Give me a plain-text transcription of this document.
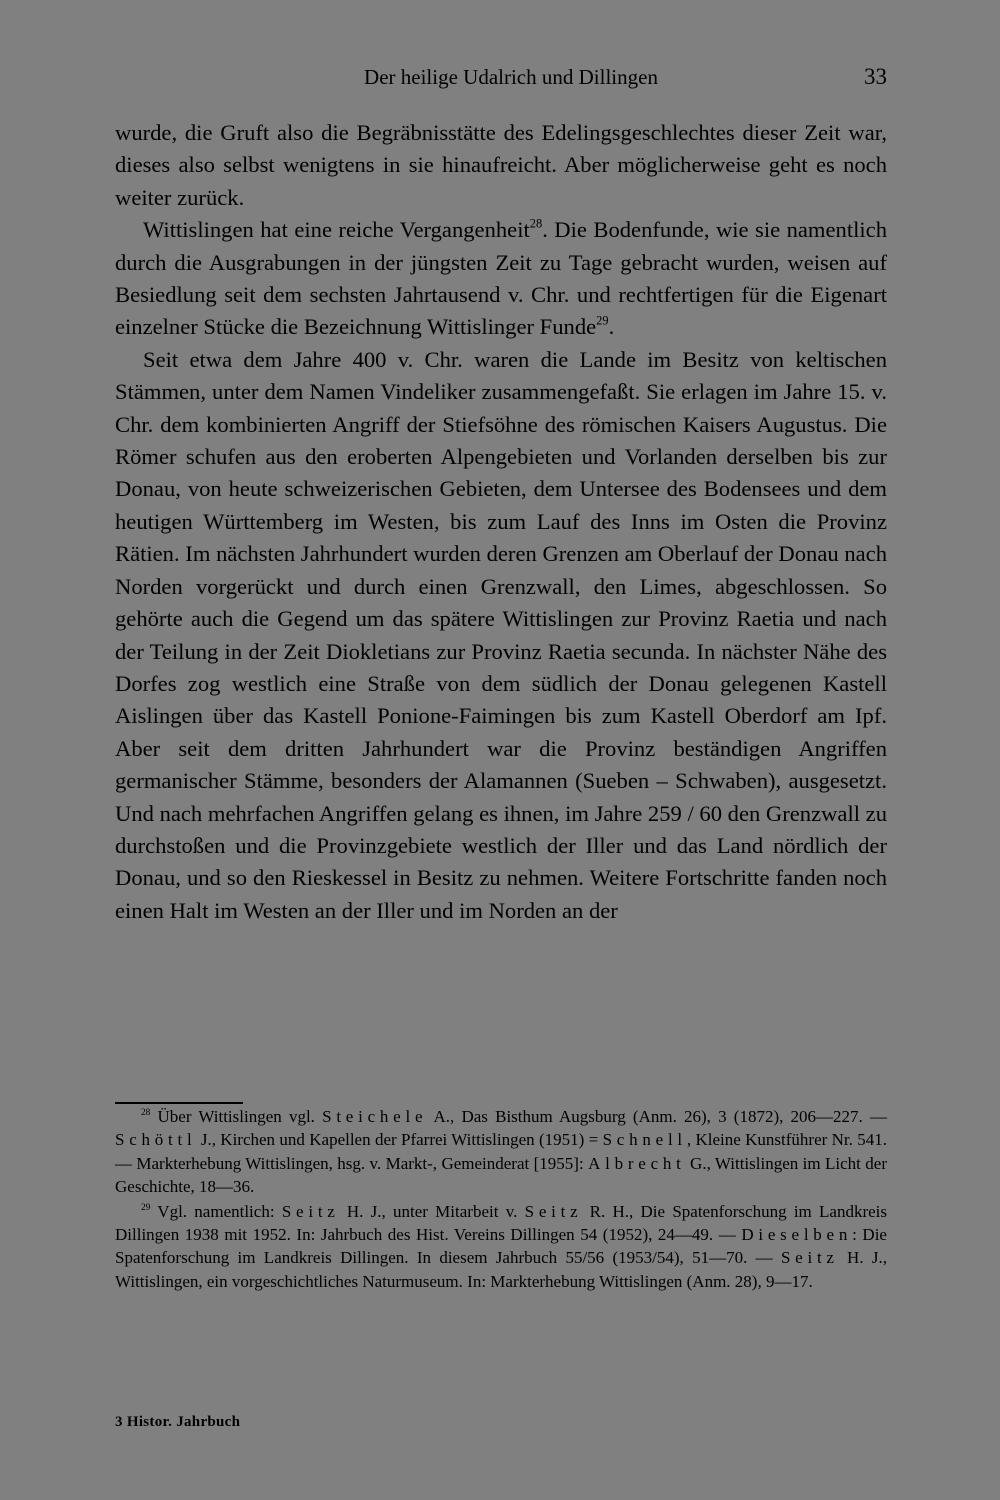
Der heilige Udalrich und Dillingen	33

wurde, die Gruft also die Begräbnisstätte des Edelingsgeschlechtes dieser Zeit war, dieses also selbst wenigtens in sie hinaufreicht. Aber möglicherweise geht es noch weiter zurück.

Wittislingen hat eine reiche Vergangenheit$^{28}$. Die Bodenfunde, wie sie namentlich durch die Ausgrabungen in der jüngsten Zeit zu Tage gebracht wurden, weisen auf Besiedlung seit dem sechsten Jahrtausend v. Chr. und rechtfertigen für die Eigenart einzelner Stücke die Bezeichnung Wittislinger Funde$^{29}$.

Seit etwa dem Jahre 400 v. Chr. waren die Lande im Besitz von keltischen Stämmen, unter dem Namen Vindeliker zusammengefaßt. Sie erlagen im Jahre 15. v. Chr. dem kombinierten Angriff der Stiefsöhne des römischen Kaisers Augustus. Die Römer schufen aus den eroberten Alpengebieten und Vorlanden derselben bis zur Donau, von heute schweizerischen Gebieten, dem Untersee des Bodensees und dem heutigen Württemberg im Westen, bis zum Lauf des Inns im Osten die Provinz Rätien. Im nächsten Jahrhundert wurden deren Grenzen am Oberlauf der Donau nach Norden vorgerückt und durch einen Grenzwall, den Limes, abgeschlossen. So gehörte auch die Gegend um das spätere Wittislingen zur Provinz Raetia und nach der Teilung in der Zeit Diokletians zur Provinz Raetia secunda. In nächster Nähe des Dorfes zog westlich eine Straße von dem südlich der Donau gelegenen Kastell Aislingen über das Kastell Ponione-Faimingen bis zum Kastell Oberdorf am Ipf. Aber seit dem dritten Jahrhundert war die Provinz beständigen Angriffen germanischer Stämme, besonders der Alamannen (Sueben – Schwaben), ausgesetzt. Und nach mehrfachen Angriffen gelang es ihnen, im Jahre 259 / 60 den Grenzwall zu durchstoßen und die Provinzgebiete westlich der Iller und das Land nördlich der Donau, und so den Rieskessel in Besitz zu nehmen. Weitere Fortschritte fanden noch einen Halt im Westen an der Iller und im Norden an der

$^{28}$ Über Wittislingen vgl. Steichele A., Das Bisthum Augsburg (Anm. 26), 3 (1872), 206—227. — Schöttl J., Kirchen und Kapellen der Pfarrei Wittislingen (1951) = Schnell, Kleine Kunstführer Nr. 541. — Markterhebung Wittislingen, hsg. v. Markt-, Gemeinderat [1955]: Albrecht G., Wittislingen im Licht der Geschichte, 18—36.

$^{29}$ Vgl. namentlich: Seitz H. J., unter Mitarbeit v. Seitz R. H., Die Spatenforschung im Landkreis Dillingen 1938 mit 1952. In: Jahrbuch des Hist. Vereins Dillingen 54 (1952), 24—49. — Dieselben: Die Spatenforschung im Landkreis Dillingen. In diesem Jahrbuch 55/56 (1953/54), 51—70. — Seitz H. J., Wittislingen, ein vorgeschichtliches Naturmuseum. In: Markterhebung Wittislingen (Anm. 28), 9—17.

3 Histor. Jahrbuch
